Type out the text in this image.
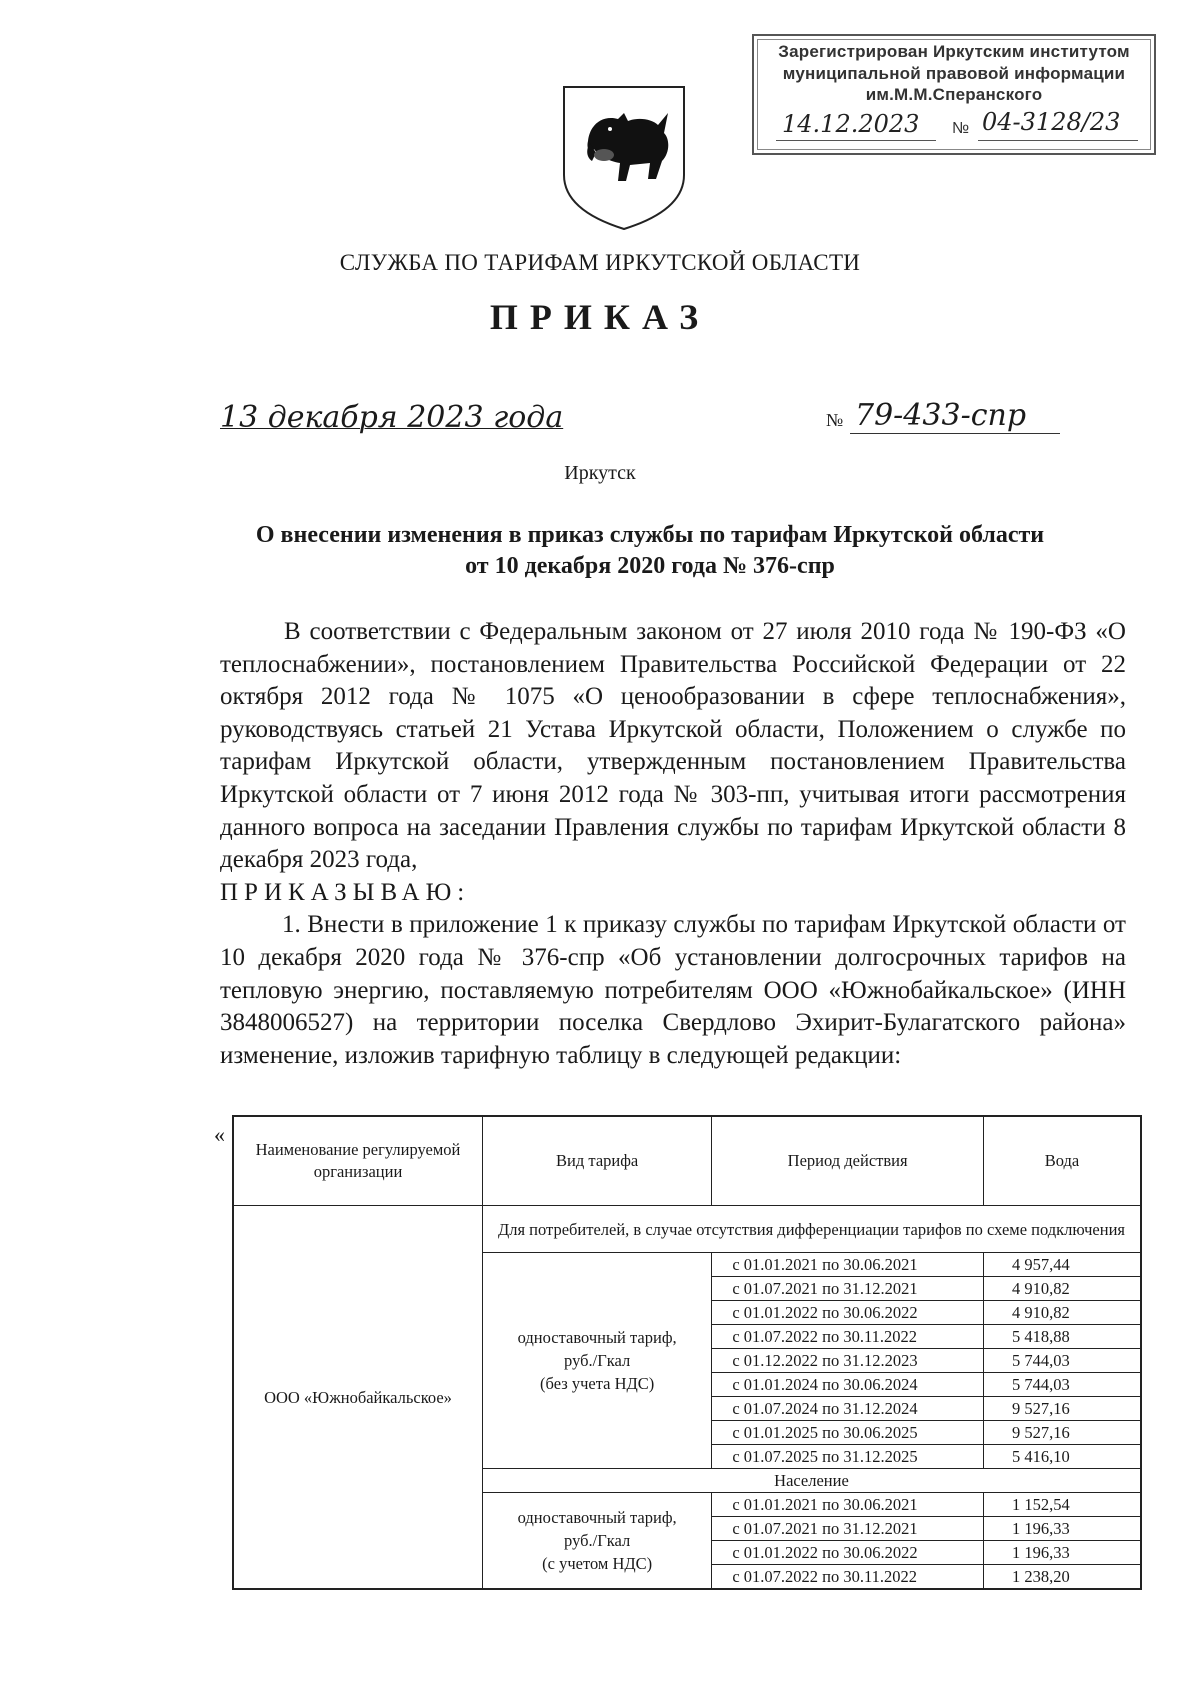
Зарегистрирован Иркутским институтом
муниципальной правовой информации
им.М.М.Сперанского
14.12.2023 № 04-3128/23
СЛУЖБА ПО ТАРИФАМ ИРКУТСКОЙ ОБЛАСТИ
ПРИКАЗ
13 декабря 2023 года	№ 79-433-спр
Иркутск
О внесении изменения в приказ службы по тарифам Иркутской области
от 10 декабря 2020 года № 376-спр

В соответствии с Федеральным законом от 27 июля 2010 года № 190-ФЗ «О теплоснабжении», постановлением Правительства Российской Федерации от 22 октября 2012 года № 1075 «О ценообразовании в сфере теплоснабжения», руководствуясь статьей 21 Устава Иркутской области, Положением о службе по тарифам Иркутской области, утвержденным постановлением Правительства Иркутской области от 7 июня 2012 года № 303-пп, учитывая итоги рассмотрения данного вопроса на заседании Правления службы по тарифам Иркутской области 8 декабря 2023 года,

ПРИКАЗЫВАЮ:

1. Внести в приложение 1 к приказу службы по тарифам Иркутской области от 10 декабря 2020 года № 376-спр «Об установлении долгосрочных тарифов на тепловую энергию, поставляемую потребителям ООО «Южнобайкальское» (ИНН 3848006527) на территории поселка Свердлово Эхирит-Булагатского района» изменение, изложив тарифную таблицу в следующей редакции:

«
Наименование регулируемой организации	Вид тарифа	Период действия	Вода
ООО «Южнобайкальское»	Для потребителей, в случае отсутствия дифференциации тарифов по схеме подключения		

	одноставочный тариф,
руб./Гкал
(без учета НДС)	с 01.01.2021 по 30.06.2021	4 957,44
		с 01.07.2021 по 31.12.2021	4 910,82
		с 01.01.2022 по 30.06.2022	4 910,82
		с 01.07.2022 по 30.11.2022	5 418,88
		с 01.12.2022 по 31.12.2023	5 744,03
		с 01.01.2024 по 30.06.2024	5 744,03
		с 01.07.2024 по 31.12.2024	9 527,16
		с 01.01.2025 по 30.06.2025	9 527,16
		с 01.07.2025 по 31.12.2025	5 416,10
	Население		

	одноставочный тариф,
руб./Гкал
(с учетом НДС)	с 01.01.2021 по 30.06.2021	1 152,54
		с 01.07.2021 по 31.12.2021	1 196,33
		с 01.01.2022 по 30.06.2022	1 196,33
		с 01.07.2022 по 30.11.2022	1 238,20
